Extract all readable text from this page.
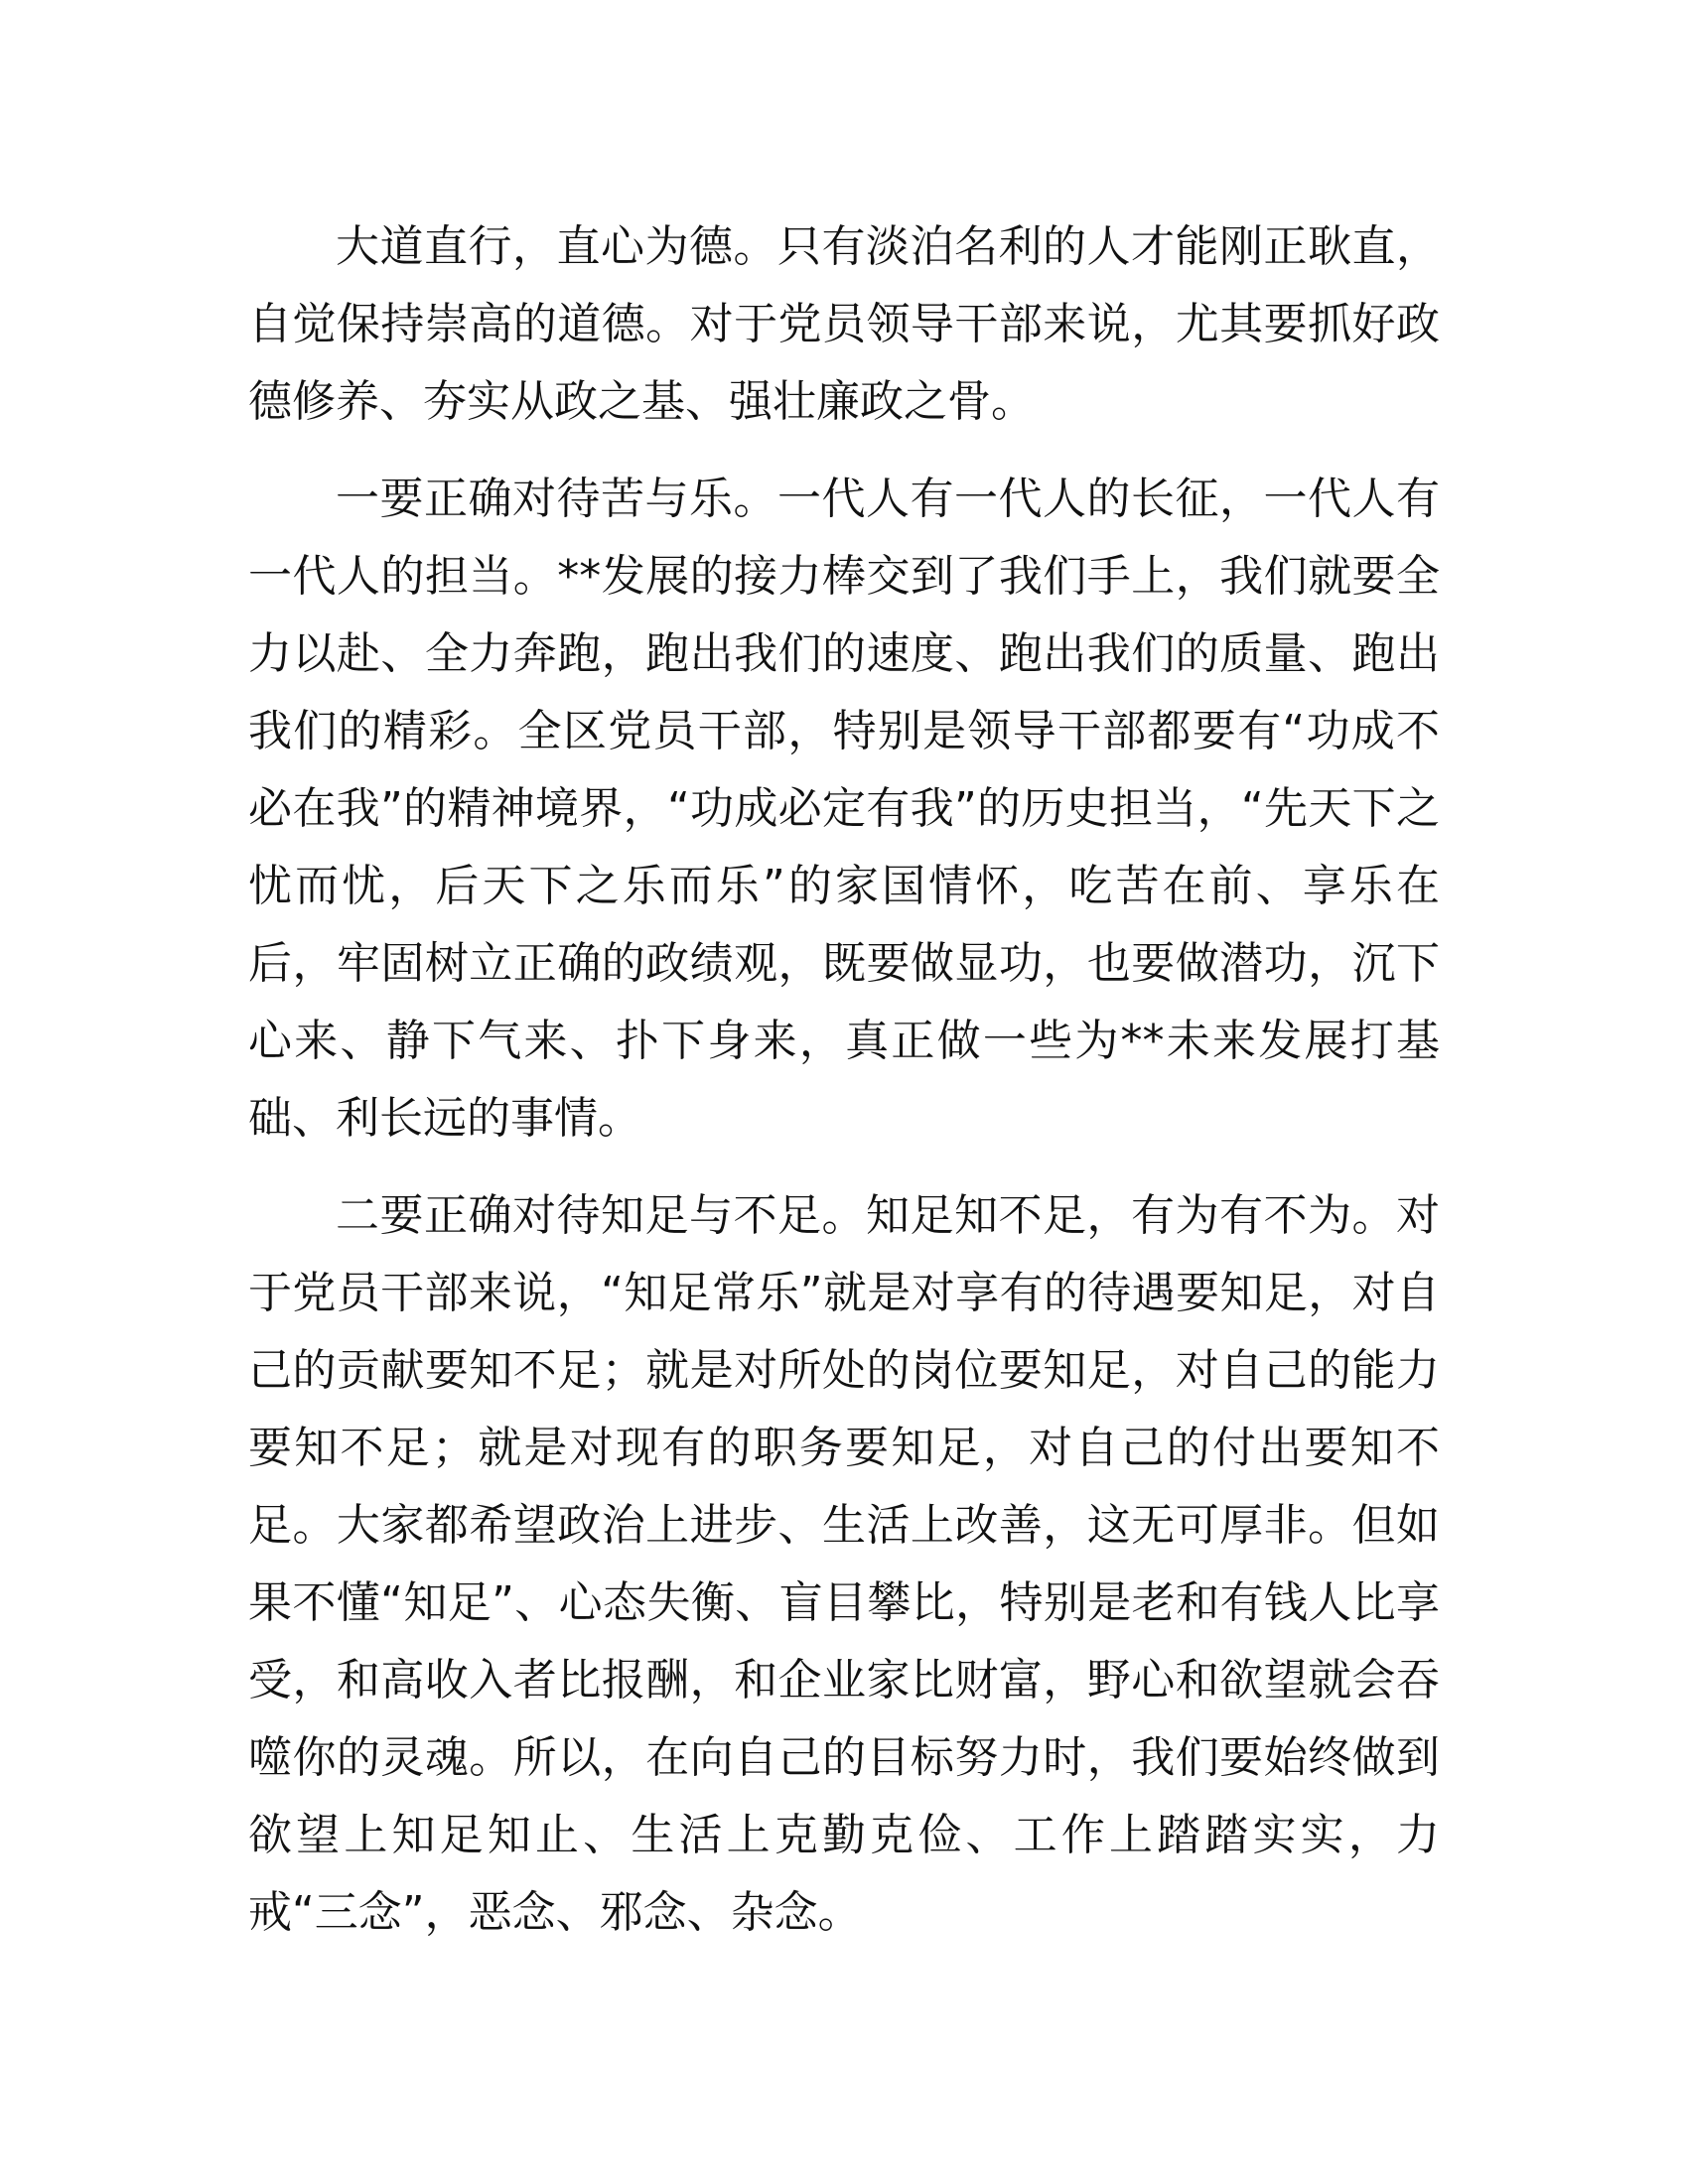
大道直行，直心为德。只有淡泊名利的人才能刚正耿直，自觉保持崇高的道德。对于党员领导干部来说，尤其要抓好政德修养、夯实从政之基、强壮廉政之骨。

一要正确对待苦与乐。一代人有一代人的长征，一代人有一代人的担当。**发展的接力棒交到了我们手上，我们就要全力以赴、全力奔跑，跑出我们的速度、跑出我们的质量、跑出我们的精彩。全区党员干部，特别是领导干部都要有“功成不必在我”的精神境界，“功成必定有我”的历史担当，“先天下之忧而忧，后天下之乐而乐”的家国情怀，吃苦在前、享乐在后，牢固树立正确的政绩观，既要做显功，也要做潜功，沉下心来、静下气来、扑下身来，真正做一些为**未来发展打基础、利长远的事情。

二要正确对待知足与不足。知足知不足，有为有不为。对于党员干部来说，“知足常乐”就是对享有的待遇要知足，对自己的贡献要知不足；就是对所处的岗位要知足，对自己的能力要知不足；就是对现有的职务要知足，对自己的付出要知不足。大家都希望政治上进步、生活上改善，这无可厚非。但如果不懂“知足”、心态失衡、盲目攀比，特别是老和有钱人比享受，和高收入者比报酬，和企业家比财富，野心和欲望就会吞噬你的灵魂。所以，在向自己的目标努力时，我们要始终做到欲望上知足知止、生活上克勤克俭、工作上踏踏实实，力戒“三念”，恶念、邪念、杂念。
